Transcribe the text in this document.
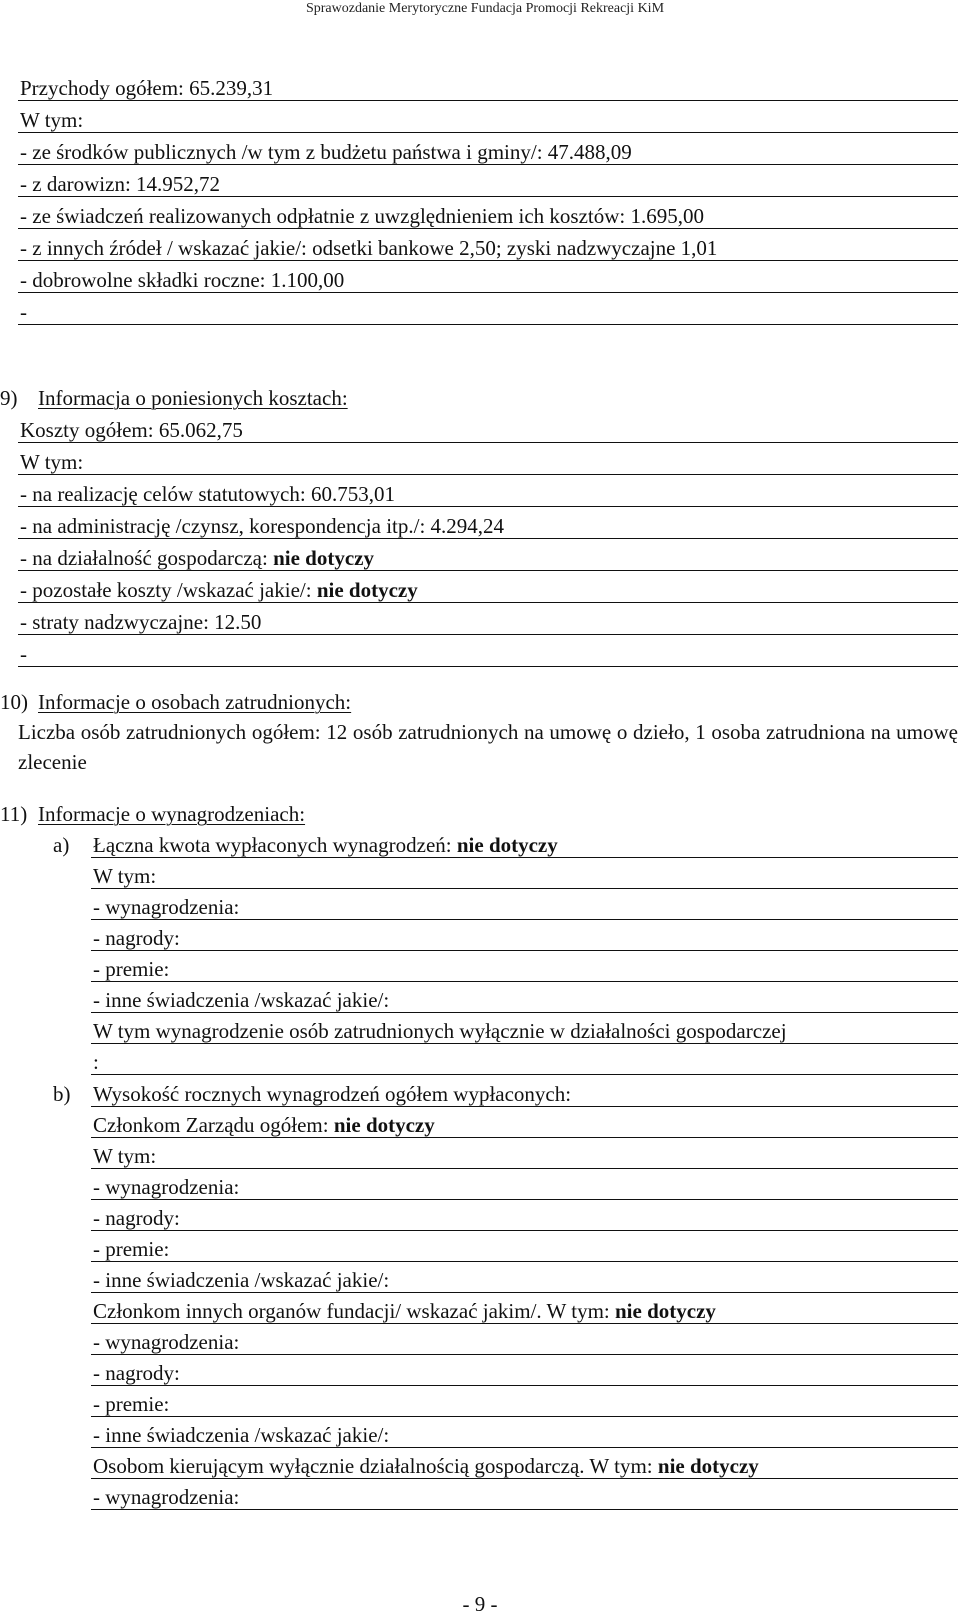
Sprawozdanie Merytoryczne Fundacja Promocji Rekreacji KiM
Przychody ogółem: 65.239,31
W tym:
- ze środków publicznych /w tym z budżetu państwa i gminy/: 47.488,09
- z darowizn: 14.952,72
- ze świadczeń realizowanych odpłatnie z uwzględnieniem ich kosztów: 1.695,00
- z innych źródeł / wskazać jakie/: odsetki bankowe 2,50; zyski nadzwyczajne 1,01
- dobrowolne składki roczne: 1.100,00
-
9) Informacja o poniesionych kosztach:
Koszty ogółem: 65.062,75
W tym:
- na realizację celów statutowych: 60.753,01
- na administrację /czynsz, korespondencja itp./: 4.294,24
- na działalność gospodarczą: nie dotyczy
- pozostałe koszty /wskazać jakie/: nie dotyczy
- straty nadzwyczajne: 12.50
-
10) Informacje o osobach zatrudnionych:
Liczba osób zatrudnionych ogółem: 12 osób zatrudnionych na umowę o dzieło, 1 osoba zatrudniona na umowę zlecenie
11) Informacje o wynagrodzeniach:
a) Łączna kwota wypłaconych wynagrodzeń: nie dotyczy
W tym:
- wynagrodzenia:
- nagrody:
- premie:
- inne świadczenia /wskazać jakie/:
W tym wynagrodzenie osób zatrudnionych wyłącznie w działalności gospodarczej
:
b) Wysokość rocznych wynagrodzeń ogółem wypłaconych:
Członkom Zarządu ogółem: nie dotyczy
W tym:
- wynagrodzenia:
- nagrody:
- premie:
- inne świadczenia /wskazać jakie/:
Członkom innych organów fundacji/ wskazać jakim/. W tym: nie dotyczy
- wynagrodzenia:
- nagrody:
- premie:
- inne świadczenia /wskazać jakie/:
Osobom kierującym wyłącznie działalnością gospodarczą. W tym: nie dotyczy
- wynagrodzenia:
- 9 -
